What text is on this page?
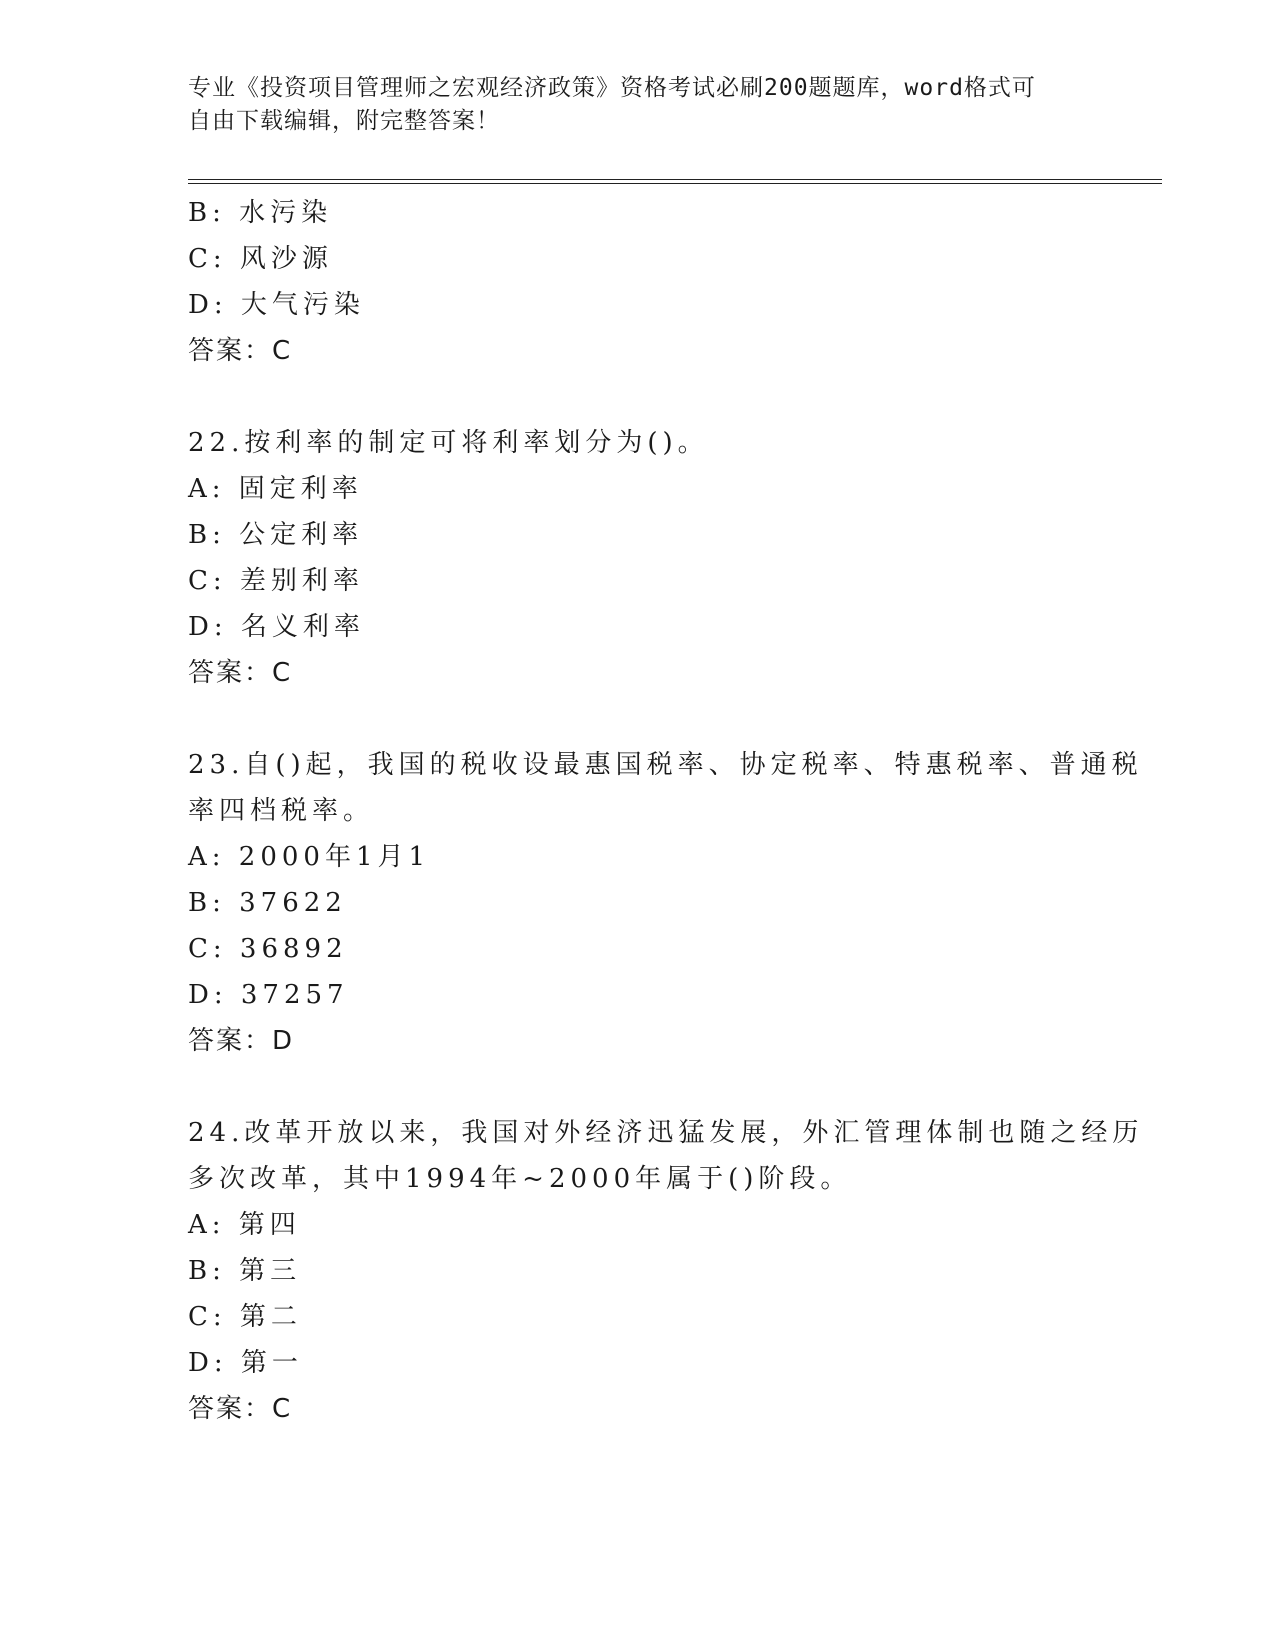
专业《投资项目管理师之宏观经济政策》资格考试必刷200题题库，word格式可
自由下载编辑，附完整答案！
B: 水污染
C: 风沙源
D: 大气污染
答案：C
22.按利率的制定可将利率划分为()。
A: 固定利率
B: 公定利率
C: 差别利率
D: 名义利率
答案：C
23.自()起，我国的税收设最惠国税率、协定税率、特惠税率、普通税
率四档税率。
A: 2000年1月1
B: 37622
C: 36892
D: 37257
答案：D
24.改革开放以来，我国对外经济迅猛发展，外汇管理体制也随之经历
多次改革，其中1994年~2000年属于()阶段。
A: 第四
B: 第三
C: 第二
D: 第一
答案：C
